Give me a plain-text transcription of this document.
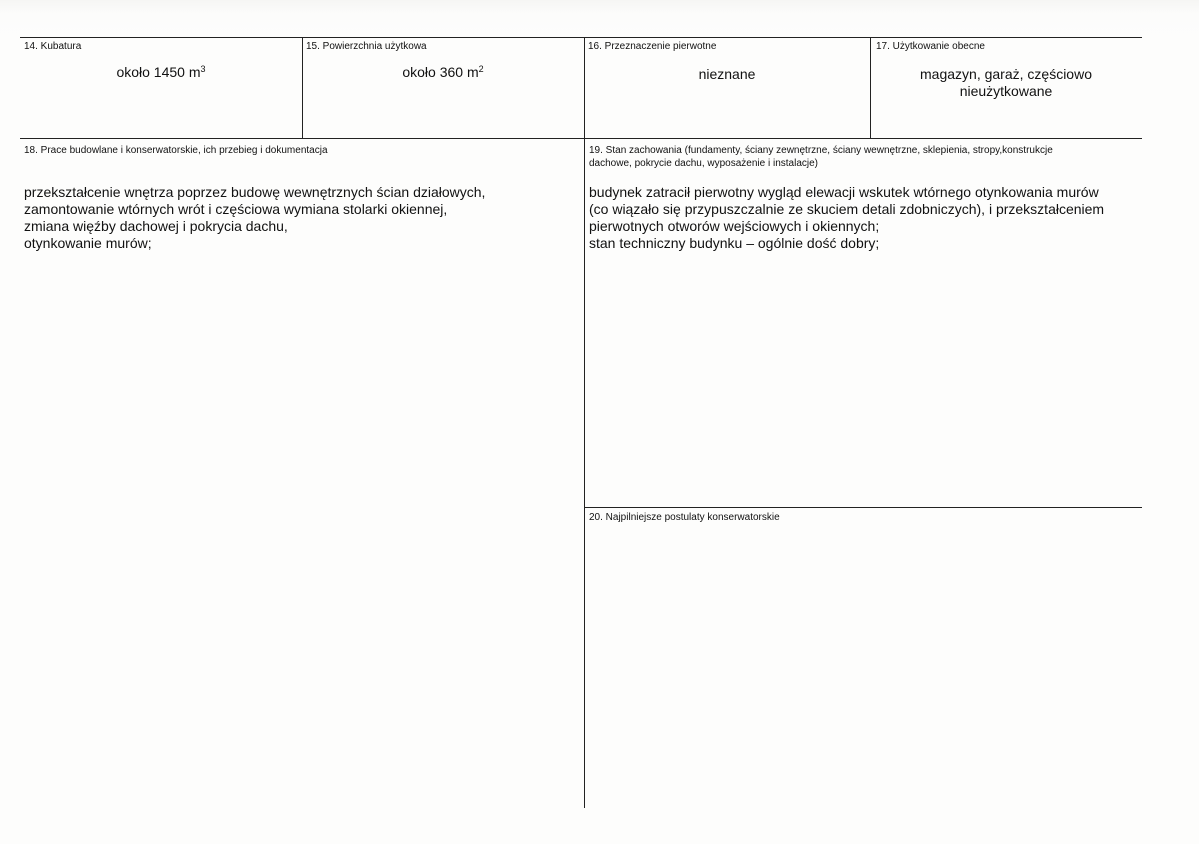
14. Kubatura
około 1450 $m^3$
15. Powierzchnia użytkowa
około 360 $m^2$
16. Przeznaczenie pierwotne
nieznane
17. Użytkowanie obecne
magazyn, garaż, częściowo
nieużytkowane
18. Prace budowlane i konserwatorskie, ich przebieg i dokumentacja
przekształcenie wnętrza poprzez budowę wewnętrznych ścian działowych,
zamontowanie wtórnych wrót i częściowa wymiana stolarki okiennej,
zmiana więźby dachowej i pokrycia dachu,
otynkowanie murów;
19. Stan zachowania (fundamenty, ściany zewnętrzne, ściany wewnętrzne, sklepienia, stropy,konstrukcje
dachowe, pokrycie dachu, wyposażenie i instalacje)
budynek zatracił pierwotny wygląd elewacji wskutek wtórnego otynkowania murów
(co wiązało się przypuszczalnie ze skuciem detali zdobniczych), i przekształceniem
pierwotnych otworów wejściowych i okiennych;
stan techniczny budynku – ogólnie dość dobry;
20. Najpilniejsze postulaty konserwatorskie
